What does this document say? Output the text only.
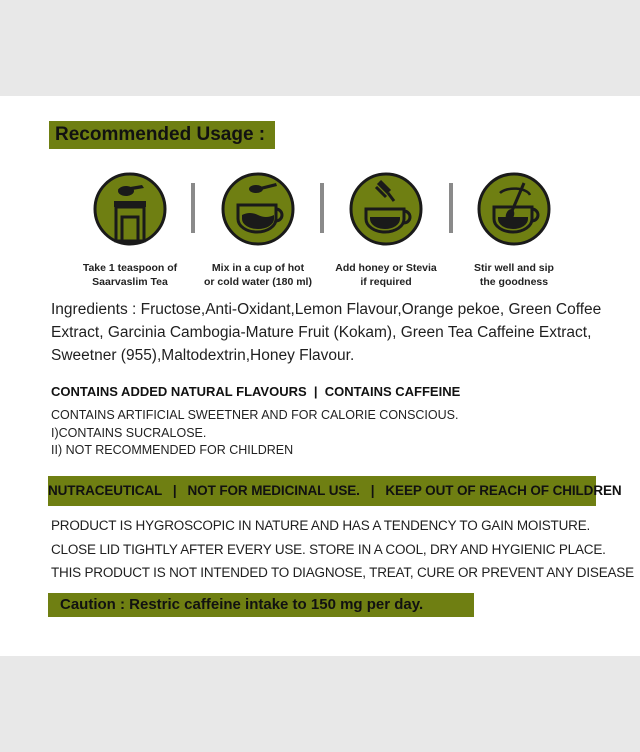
Recommended Usage :
Take 1 teaspoon of
Saarvaslim Tea
Mix in a cup of hot
or cold water (180 ml)
Add honey or Stevia
if required
Stir well and sip
the goodness
Ingredients : Fructose,Anti-Oxidant,Lemon Flavour,Orange pekoe, Green Coffee
Extract, Garcinia Cambogia-Mature Fruit (Kokam), Green Tea Caffeine Extract,
Sweetner (955),Maltodextrin,Honey Flavour.
CONTAINS ADDED NATURAL FLAVOURS  |  CONTAINS CAFFEINE
CONTAINS ARTIFICIAL SWEETNER AND FOR CALORIE CONSCIOUS.
I)CONTAINS SUCRALOSE.
II) NOT RECOMMENDED FOR CHILDREN
NUTRACEUTICAL   |   NOT FOR MEDICINAL USE.   |   KEEP OUT OF REACH OF CHILDREN
PRODUCT IS HYGROSCOPIC IN NATURE AND HAS A TENDENCY TO GAIN MOISTURE.
CLOSE LID TIGHTLY AFTER EVERY USE. STORE IN A COOL, DRY AND HYGIENIC PLACE.
THIS PRODUCT IS NOT INTENDED TO DIAGNOSE, TREAT, CURE OR PREVENT ANY DISEASE
Caution : Restric caffeine intake to 150 mg per day.
